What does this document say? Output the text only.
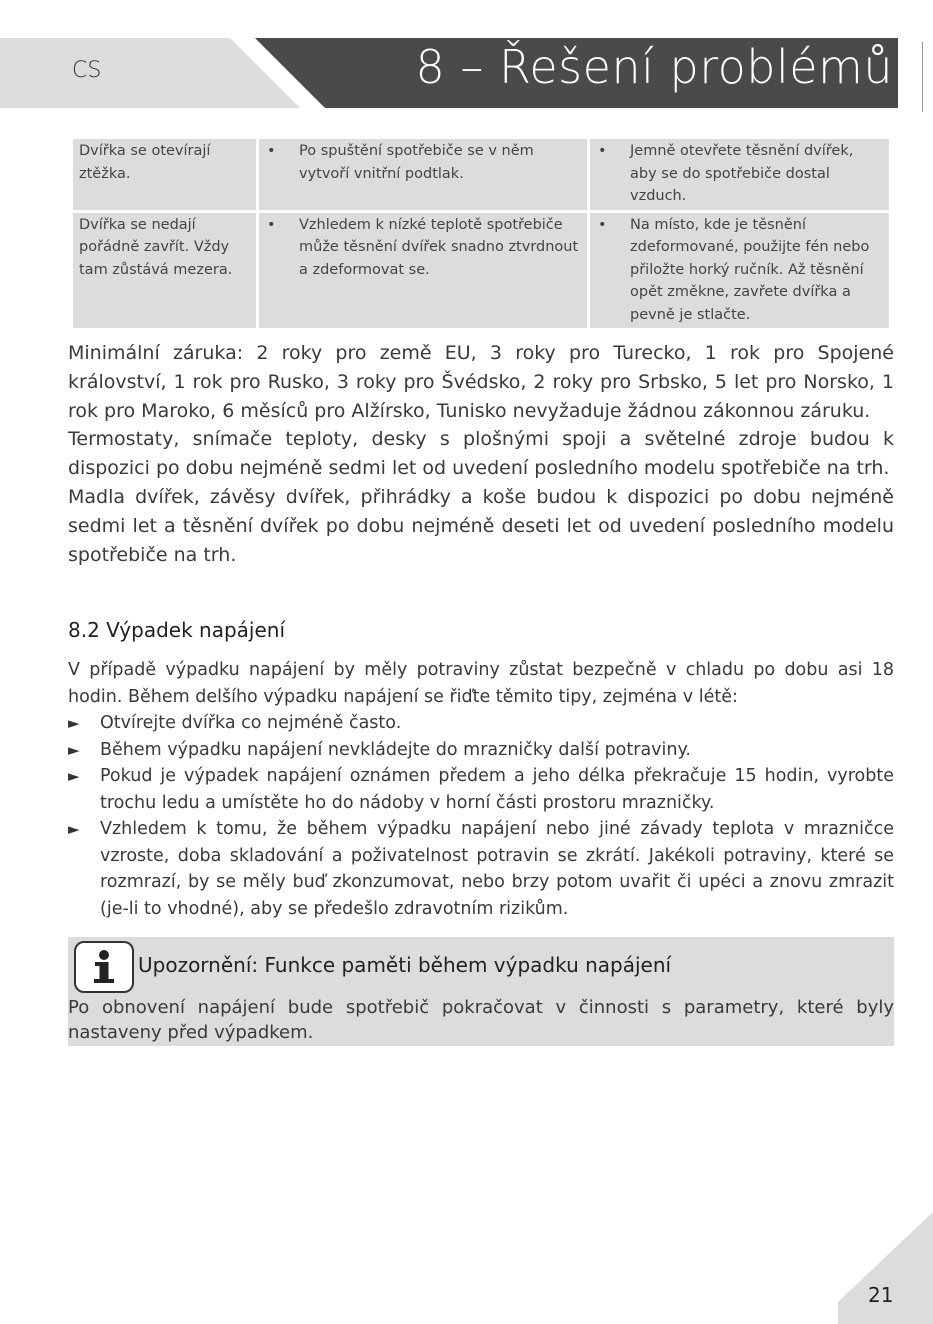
CS	8 – Řešení problémů
Dvířka se otevírají ztěžka.	• Po spuštění spotřebiče se v něm vytvoří vnitřní podtlak.	• Jemně otevřete těsnění dvířek, aby se do spotřebiče dostal vzduch.

Dvířka se nedají pořádně zavřít. Vždy tam zůstává mezera.	• Vzhledem k nízké teplotě spotřebiče může těsnění dvířek snadno ztvrdnout a zdeformovat se.	• Na místo, kde je těsnění zdeformované, použijte fén nebo přiložte horký ručník. Až těsnění opět změkne, zavřete dvířka a pevně je stlačte.

Minimální záruka: 2 roky pro země EU, 3 roky pro Turecko, 1 rok pro Spojené království, 1 rok pro Rusko, 3 roky pro Švédsko, 2 roky pro Srbsko, 5 let pro Norsko, 1 rok pro Maroko, 6 měsíců pro Alžírsko, Tunisko nevyžaduje žádnou zákonnou záruku.

Termostaty, snímače teploty, desky s plošnými spoji a světelné zdroje budou k dispozici po dobu nejméně sedmi let od uvedení posledního modelu spotřebiče na trh.

Madla dvířek, závěsy dvířek, přihrádky a koše budou k dispozici po dobu nejméně sedmi let a těsnění dvířek po dobu nejméně deseti let od uvedení posledního modelu spotřebiče na trh.

8.2 Výpadek napájení

V případě výpadku napájení by měly potraviny zůstat bezpečně v chladu po dobu asi 18 hodin. Během delšího výpadku napájení se řiďte těmito tipy, zejména v létě:

►	Otvírejte dvířka co nejméně často.
►	Během výpadku napájení nevkládejte do mrazničky další potraviny.
►	Pokud je výpadek napájení oznámen předem a jeho délka překračuje 15 hodin, vyrobte trochu ledu a umístěte ho do nádoby v horní části prostoru mrazničky.
►	Vzhledem k tomu, že během výpadku napájení nebo jiné závady teplota v mrazničce vzroste, doba skladování a poživatelnost potravin se zkrátí. Jakékoli potraviny, které se rozmrazí, by se měly buď zkonzumovat, nebo brzy potom uvařit či upéci a znovu zmrazit (je-li to vhodné), aby se předešlo zdravotním rizikům.
Upozornění: Funkce paměti během výpadku napájení
Po obnovení napájení bude spotřebič pokračovat v činnosti s parametry, které byly nastaveny před výpadkem.
21
